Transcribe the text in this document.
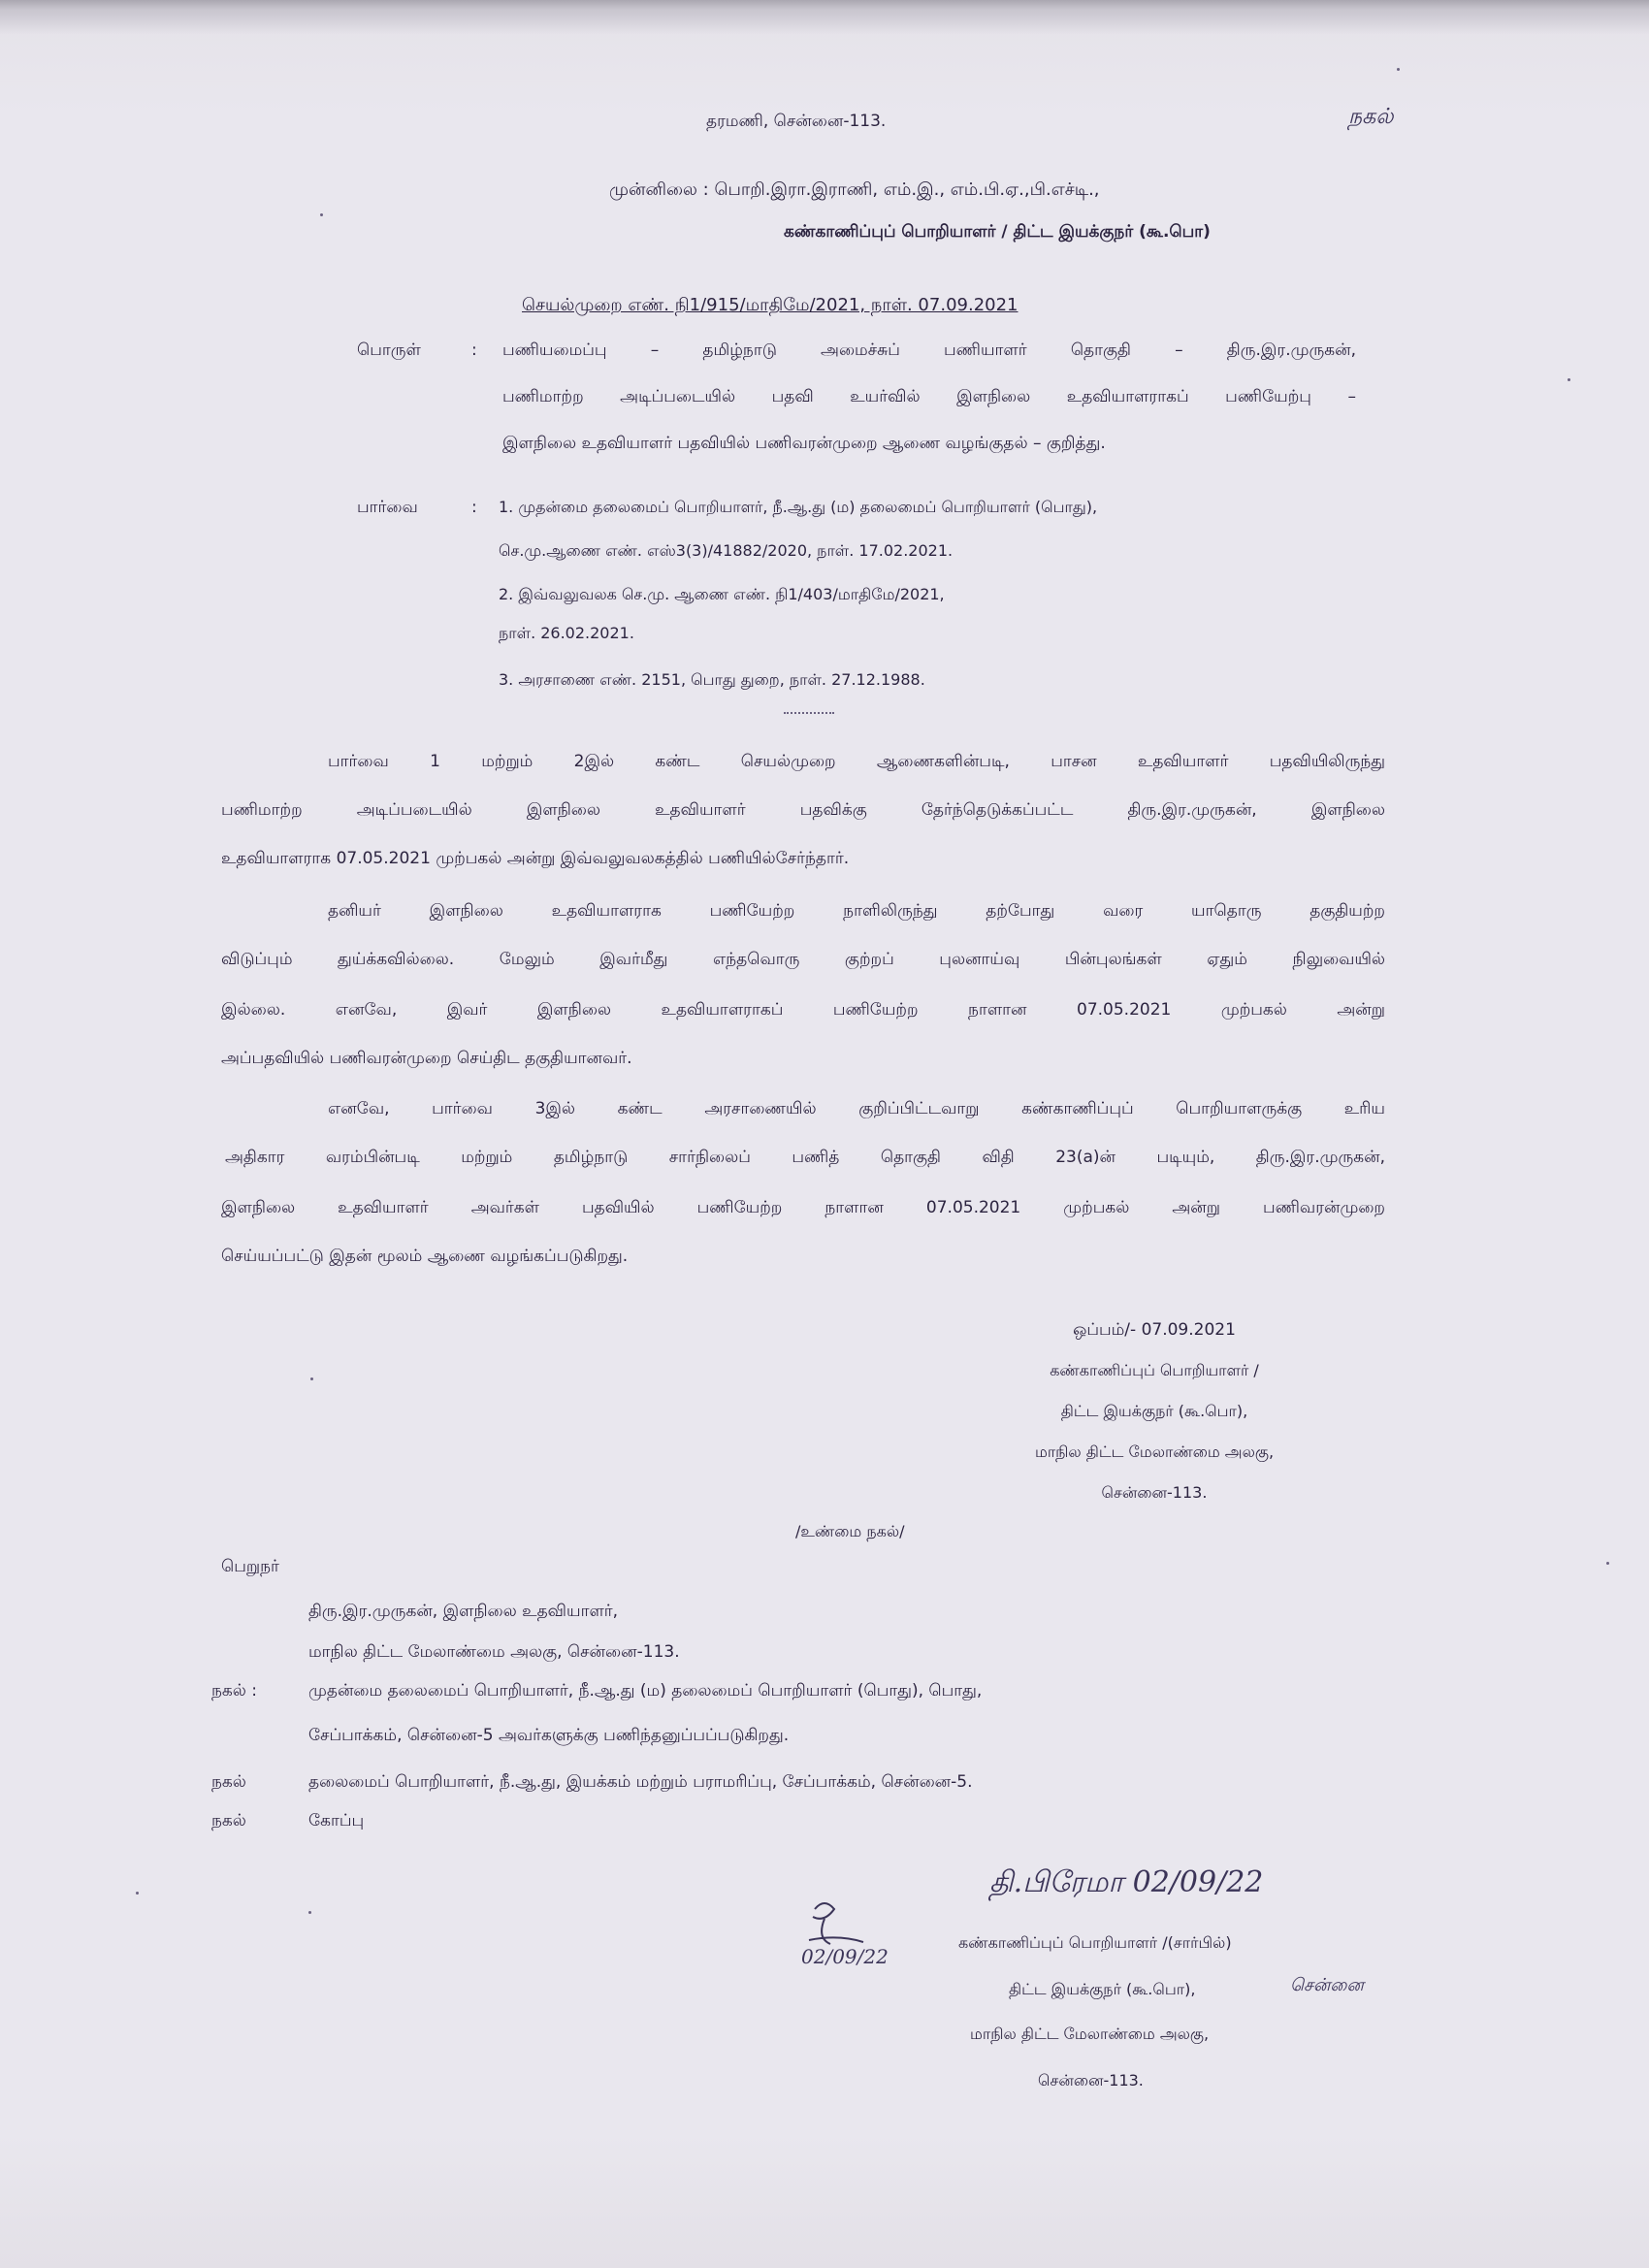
தரமணி, சென்னை-113.	நகல்
முன்னிலை : பொறி.இரா.இராணி, எம்.இ., எம்.பி.ஏ.,பி.எச்டி.,
கண்காணிப்புப் பொறியாளர் / திட்ட இயக்குநர் (கூ.பொ)
செயல்முறை எண். நி1/915/மாதிமே/2021, நாள். 07.09.2021
பொருள்	: பணியமைப்பு – தமிழ்நாடு அமைச்சுப் பணியாளர் தொகுதி – திரு.இர.முருகன்,
பணிமாற்ற அடிப்படையில் பதவி உயர்வில் இளநிலை உதவியாளராகப் பணியேற்பு –
இளநிலை உதவியாளர் பதவியில் பணிவரன்முறை ஆணை வழங்குதல் – குறித்து.
பார்வை	: 1. முதன்மை தலைமைப் பொறியாளர், நீ.ஆ.து (ம) தலைமைப் பொறியாளர் (பொது),
செ.மு.ஆணை எண். எஸ்3(3)/41882/2020, நாள். 17.02.2021.
2. இவ்வலுவலக செ.மு. ஆணை எண். நி1/403/மாதிமே/2021,
நாள். 26.02.2021.
3. அரசாணை எண். 2151, பொது துறை, நாள். 27.12.1988.
பார்வை 1 மற்றும் 2இல் கண்ட செயல்முறை ஆணைகளின்படி, பாசன உதவியாளர் பதவியிலிருந்து
பணிமாற்ற அடிப்படையில் இளநிலை உதவியாளர் பதவிக்கு தேர்ந்தெடுக்கப்பட்ட திரு.இர.முருகன், இளநிலை
உதவியாளராக 07.05.2021 முற்பகல் அன்று இவ்வலுவலகத்தில் பணியில்சேர்ந்தார்.
தனியர் இளநிலை உதவியாளராக பணியேற்ற நாளிலிருந்து தற்போது வரை யாதொரு தகுதியற்ற
விடுப்பும் துய்க்கவில்லை. மேலும் இவர்மீது எந்தவொரு குற்றப் புலனாய்வு பின்புலங்கள் ஏதும் நிலுவையில்
இல்லை. எனவே, இவர் இளநிலை உதவியாளராகப் பணியேற்ற நாளான 07.05.2021 முற்பகல் அன்று
அப்பதவியில் பணிவரன்முறை செய்திட தகுதியானவர்.
எனவே, பார்வை 3இல் கண்ட அரசாணையில் குறிப்பிட்டவாறு கண்காணிப்புப் பொறியாளருக்கு உரிய
அதிகார வரம்பின்படி மற்றும் தமிழ்நாடு சார்நிலைப் பணித் தொகுதி விதி 23(a)ன் படியும், திரு.இர.முருகன்,
இளநிலை உதவியாளர் அவர்கள் பதவியில் பணியேற்ற நாளான 07.05.2021 முற்பகல் அன்று பணிவரன்முறை
செய்யப்பட்டு இதன் மூலம் ஆணை வழங்கப்படுகிறது.
ஒப்பம்/- 07.09.2021
கண்காணிப்புப் பொறியாளர் /
திட்ட இயக்குநர் (கூ.பொ),
மாநில திட்ட மேலாண்மை அலகு,
சென்னை-113.
/உண்மை நகல்/
பெறுநர்
திரு.இர.முருகன், இளநிலை உதவியாளர்,
மாநில திட்ட மேலாண்மை அலகு, சென்னை-113.
நகல் :	முதன்மை தலைமைப் பொறியாளர், நீ.ஆ.து (ம) தலைமைப் பொறியாளர் (பொது), பொது,
சேப்பாக்கம், சென்னை-5 அவர்களுக்கு பணிந்தனுப்பப்படுகிறது.
நகல்	தலைமைப் பொறியாளர், நீ.ஆ.து, இயக்கம் மற்றும் பராமரிப்பு, சேப்பாக்கம், சென்னை-5.
நகல்	கோப்பு
தி.பிரேமா 02/09/22
02/09/22
கண்காணிப்புப் பொறியாளர் /(சார்பில்)
திட்ட இயக்குநர் (கூ.பொ),	சென்னை
மாநில திட்ட மேலாண்மை அலகு,
சென்னை-113.
